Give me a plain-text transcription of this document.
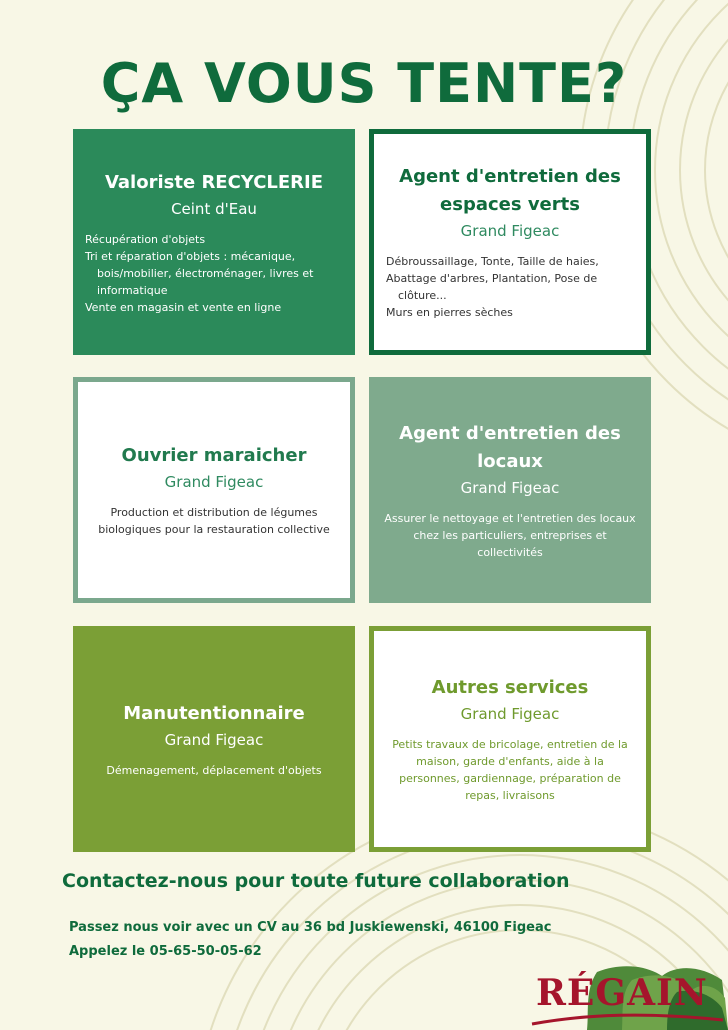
ÇA VOUS TENTE?
Valoriste RECYCLERIE
Ceint d'Eau

Récupération d'objets

Tri et réparation d'objets : mécanique, bois/mobilier, électroménager, livres et informatique

Vente en magasin et vente en ligne

Agent d'entretien des espaces verts
Grand Figeac

Débroussaillage, Tonte, Taille de haies,

Abattage d'arbres, Plantation, Pose de clôture...

Murs en pierres sèches

Ouvrier maraicher
Grand Figeac

Production et distribution de légumes biologiques pour la restauration collective

Agent d'entretien des locaux
Grand Figeac

Assurer le nettoyage et l'entretien des locaux chez les particuliers, entreprises et collectivités

Manutentionnaire
Grand Figeac

Démenagement, déplacement d'objets

Autres services
Grand Figeac

Petits travaux de bricolage, entretien de la maison, garde d'enfants, aide à la personnes, gardiennage, préparation de repas, livraisons

Contactez-nous pour toute future collaboration
Passez nous voir avec un CV au 36 bd Juskiewenski, 46100 Figeac
Appelez le 05-65-50-05-62
RÉGAIN
